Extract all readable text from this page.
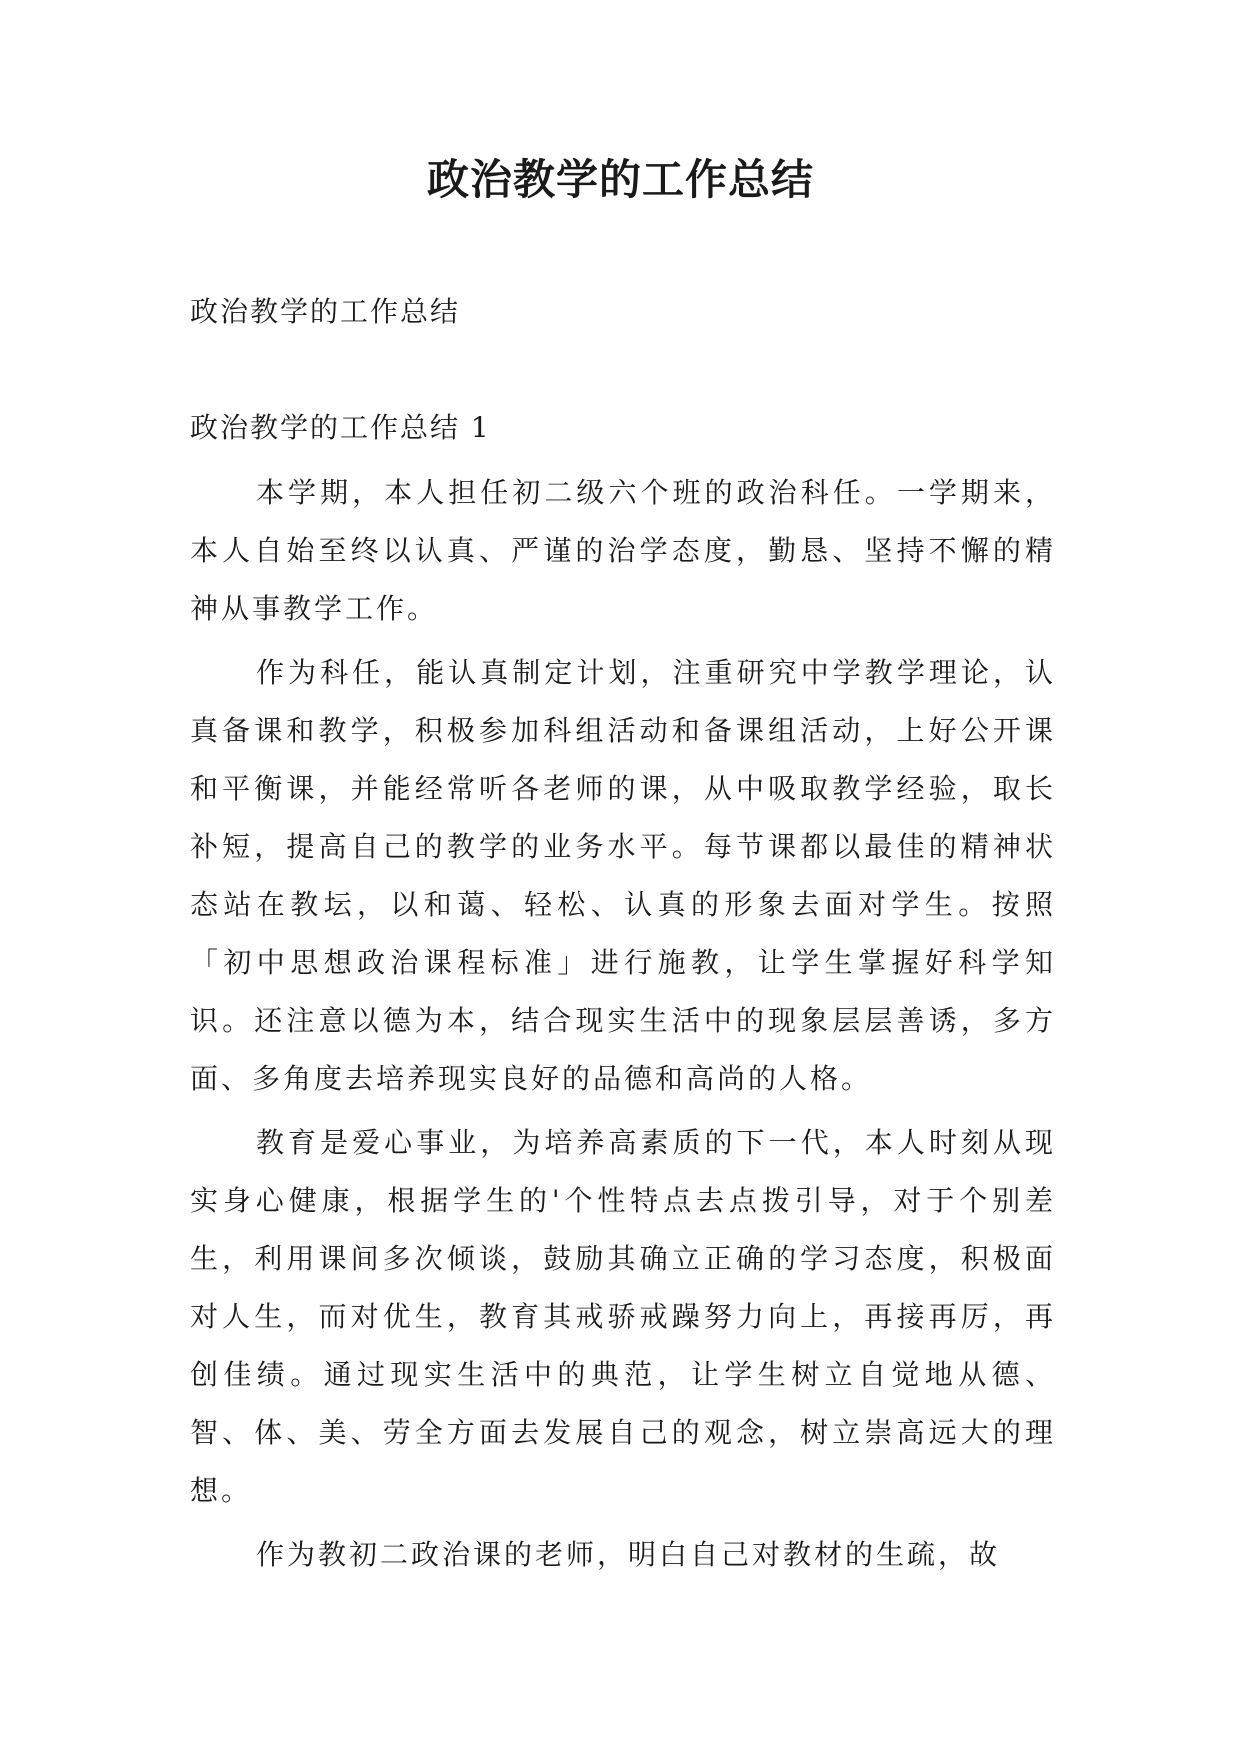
政治教学的工作总结
政治教学的工作总结
政治教学的工作总结 1

本学期，本人担任初二级六个班的政治科任。一学期来，本人自始至终以认真、严谨的治学态度，勤恳、坚持不懈的精神从事教学工作。

作为科任，能认真制定计划，注重研究中学教学理论，认真备课和教学，积极参加科组活动和备课组活动，上好公开课和平衡课，并能经常听各老师的课，从中吸取教学经验，取长补短，提高自己的教学的业务水平。每节课都以最佳的精神状态站在教坛，以和蔼、轻松、认真的形象去面对学生。按照「初中思想政治课程标准」进行施教，让学生掌握好科学知识。还注意以德为本，结合现实生活中的现象层层善诱，多方面、多角度去培养现实良好的品德和高尚的人格。

教育是爱心事业，为培养高素质的下一代，本人时刻从现实身心健康，根据学生的'个性特点去点拨引导，对于个别差生，利用课间多次倾谈，鼓励其确立正确的学习态度，积极面对人生，而对优生，教育其戒骄戒躁努力向上，再接再厉，再创佳绩。通过现实生活中的典范，让学生树立自觉地从德、智、体、美、劳全方面去发展自己的观念，树立崇高远大的理想。

作为教初二政治课的老师，明白自己对教材的生疏，故
